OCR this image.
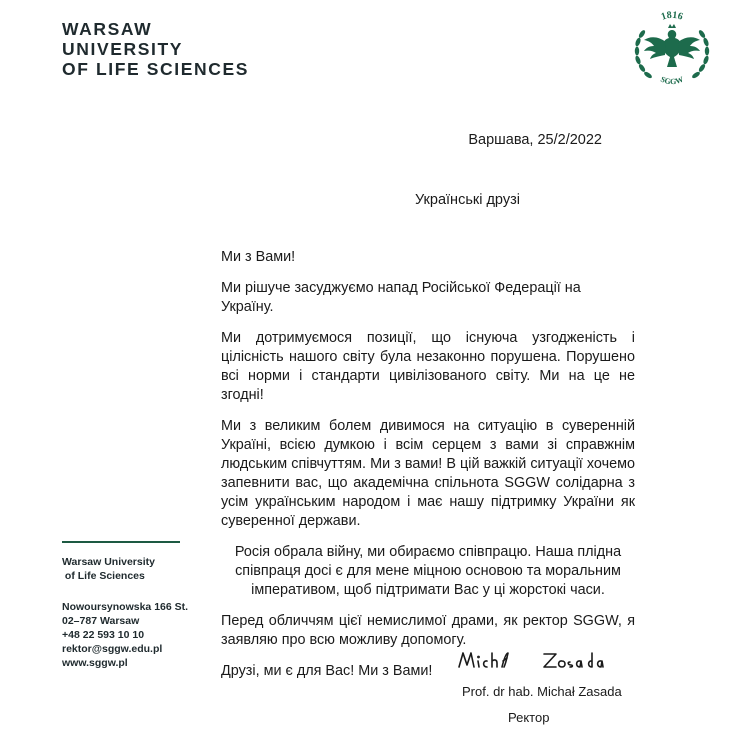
WARSAW
UNIVERSITY
OF LIFE SCIENCES
1816
SGGW
Варшава, 25/2/2022
Українські друзі

Ми з Вами!

Ми рішуче засуджуємо напад Російської Федерації на Україну.

Ми дотримуємося позиції, що існуюча узгодженість і цілісність нашого світу була незаконно порушена. Порушено всі норми і стандарти цивілізованого світу. Ми на це не згодні!

Ми з великим болем дивимося на ситуацію в суверенній Україні, всією думкою і всім серцем з вами зі справжнім людським співчуттям. Ми з вами! В цій важкій ситуації хочемо запевнити вас, що академічна спільнота SGGW солідарна з усім українським народом і має нашу підтримку України як суверенної держави.

Росія обрала війну, ми обираємо співпрацю. Наша плідна співпраця досі є для мене міцною основою та моральним імперативом, щоб підтримати Вас у ці жорстокі часи.

Перед обличчям цієї немислимої драми, як ректор SGGW, я заявляю про всю можливу допомогу.

Друзі, ми є для Вас! Ми з Вами!

Warsaw University
of Life Sciences
Nowoursynowska 166 St.
02–787 Warsaw
+48 22 593 10 10
rektor@sggw.edu.pl
www.sggw.pl
Prof. dr hab. Michał Zasada
Ректор
